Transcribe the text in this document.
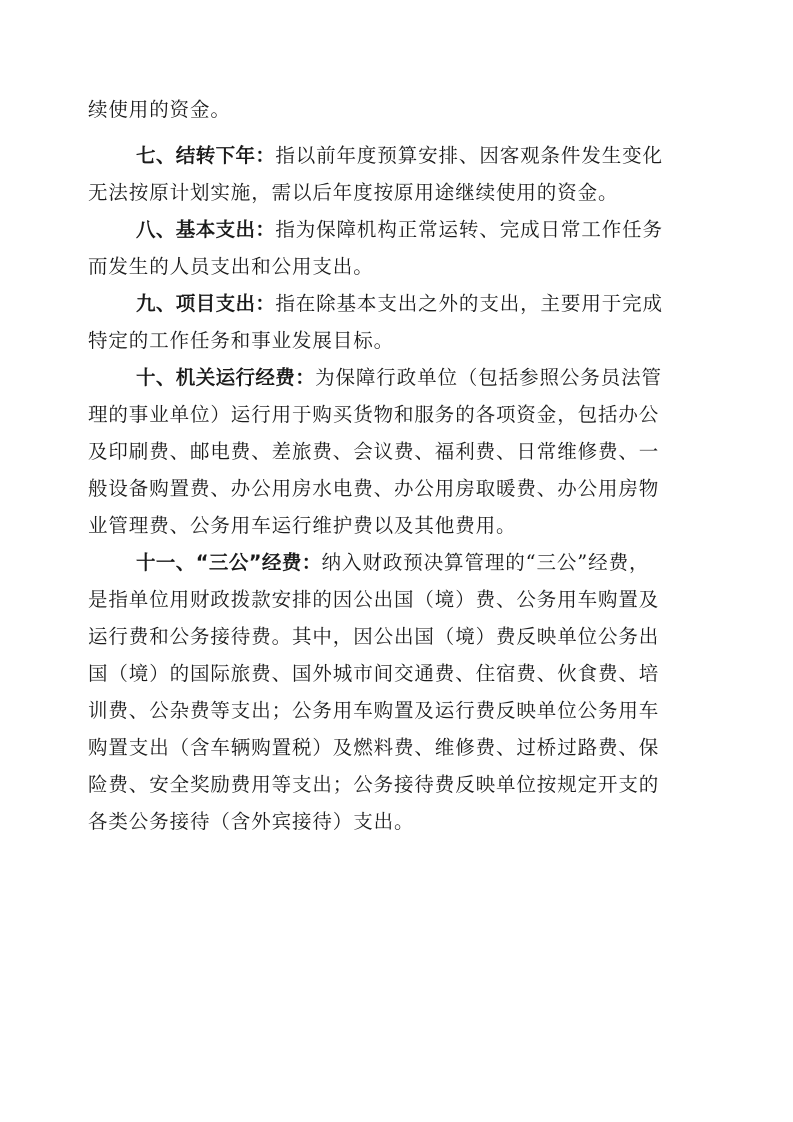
续使用的资金。
七、结转下年：指以前年度预算安排、因客观条件发生变化
无法按原计划实施，需以后年度按原用途继续使用的资金。
八、基本支出：指为保障机构正常运转、完成日常工作任务
而发生的人员支出和公用支出。
九、项目支出：指在除基本支出之外的支出，主要用于完成
特定的工作任务和事业发展目标。
十、机关运行经费：为保障行政单位（包括参照公务员法管
理的事业单位）运行用于购买货物和服务的各项资金，包括办公
及印刷费、邮电费、差旅费、会议费、福利费、日常维修费、一
般设备购置费、办公用房水电费、办公用房取暖费、办公用房物
业管理费、公务用车运行维护费以及其他费用。
十一、“三公”经费：纳入财政预决算管理的“三公”经费，
是指单位用财政拨款安排的因公出国（境）费、公务用车购置及
运行费和公务接待费。其中，因公出国（境）费反映单位公务出
国（境）的国际旅费、国外城市间交通费、住宿费、伙食费、培
训费、公杂费等支出；公务用车购置及运行费反映单位公务用车
购置支出（含车辆购置税）及燃料费、维修费、过桥过路费、保
险费、安全奖励费用等支出；公务接待费反映单位按规定开支的
各类公务接待（含外宾接待）支出。
